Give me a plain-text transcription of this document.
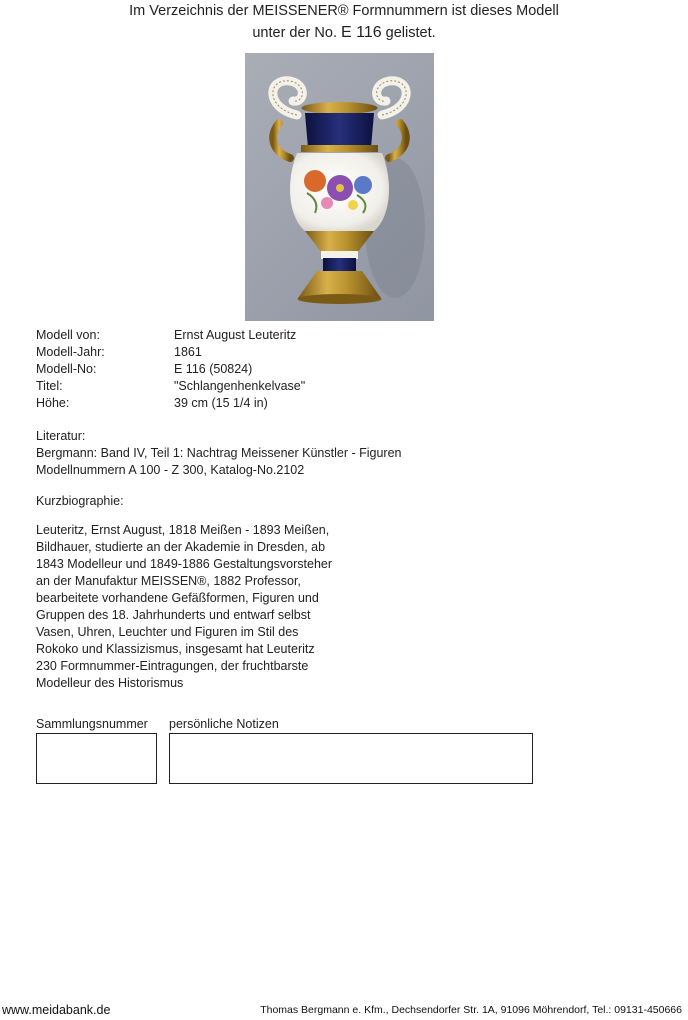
Im Verzeichnis der MEISSENER® Formnummern ist dieses Modell
unter der No. E 116 gelistet.
Modell von:	Ernst August Leuteritz
Modell-Jahr:	1861
Modell-No:	E 116 (50824)
Titel:	"Schlangenhenkelvase"
Höhe:	39 cm (15 1/4 in)
Literatur:
Bergmann: Band IV, Teil 1: Nachtrag Meissener Künstler - Figuren
Modellnummern A 100 - Z 300, Katalog-No.2102
Kurzbiographie:
Leuteritz, Ernst August, 1818 Meißen - 1893 Meißen,
Bildhauer, studierte an der Akademie in Dresden, ab
1843 Modelleur und 1849-1886 Gestaltungsvorsteher
an der Manufaktur MEISSEN®, 1882 Professor,
bearbeitete vorhandene Gefäßformen, Figuren und
Gruppen des 18. Jahrhunderts und entwarf selbst
Vasen, Uhren, Leuchter und Figuren im Stil des
Rokoko und Klassizismus, insgesamt hat Leuteritz
230 Formnummer-Eintragungen, der fruchtbarste
Modelleur des Historismus
Sammlungsnummer persönliche Notizen
www.meidabank.de	Thomas Bergmann e. Kfm., Dechsendorfer Str. 1A, 91096 Möhrendorf, Tel.: 09131-450666
